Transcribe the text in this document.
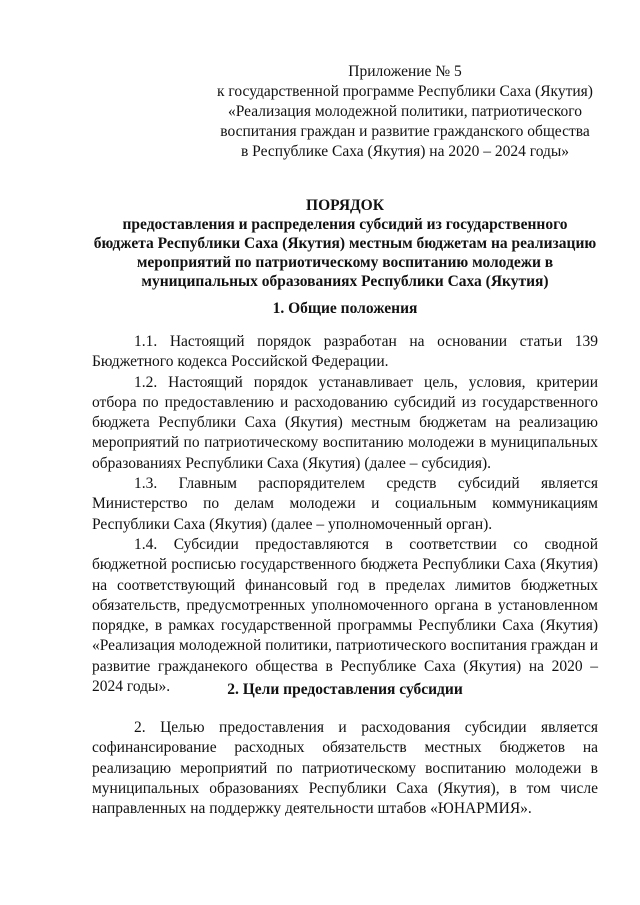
Приложение № 5
к государственной программе Республики Саха (Якутия)
«Реализация молодежной политики, патриотического
воспитания граждан и развитие гражданского общества
в Республике Саха (Якутия) на 2020 – 2024 годы»
ПОРЯДОК
предоставления и распределения субсидий из государственного
бюджета Республики Саха (Якутия) местным бюджетам на реализацию
мероприятий по патриотическому воспитанию молодежи в
муниципальных образованиях Республики Саха (Якутия)
1. Общие положения

1.1. Настоящий порядок разработан на основании статьи 139 Бюджетного кодекса Российской Федерации.

1.2. Настоящий порядок устанавливает цель, условия, критерии отбора по предоставлению и расходованию субсидий из государственного бюджета Республики Саха (Якутия) местным бюджетам на реализацию мероприятий по патриотическому воспитанию молодежи в муниципальных образованиях Республики Саха (Якутия) (далее – субсидия).

1.3. Главным распорядителем средств субсидий является Министерство по делам молодежи и социальным коммуникациям Республики Саха (Якутия) (далее – уполномоченный орган).

1.4. Субсидии предоставляются в соответствии со сводной бюджетной росписью государственного бюджета Республики Саха (Якутия) на соответствующий финансовый год в пределах лимитов бюджетных обязательств, предусмотренных уполномоченного органа в установленном порядке, в рамках государственной программы Республики Саха (Якутия) «Реализация молодежной политики, патриотического воспитания граждан и развитие гражданекого общества в Республике Саха (Якутия) на 2020 – 2024 годы».	2. Цели предоставления субсидии

2. Целью предоставления и расходования субсидии является софинансирование расходных обязательств местных бюджетов на реализацию мероприятий по патриотическому воспитанию молодежи в муниципальных образованиях Республики Саха (Якутия), в том числе направленных на поддержку деятельности штабов «ЮНАРМИЯ».
